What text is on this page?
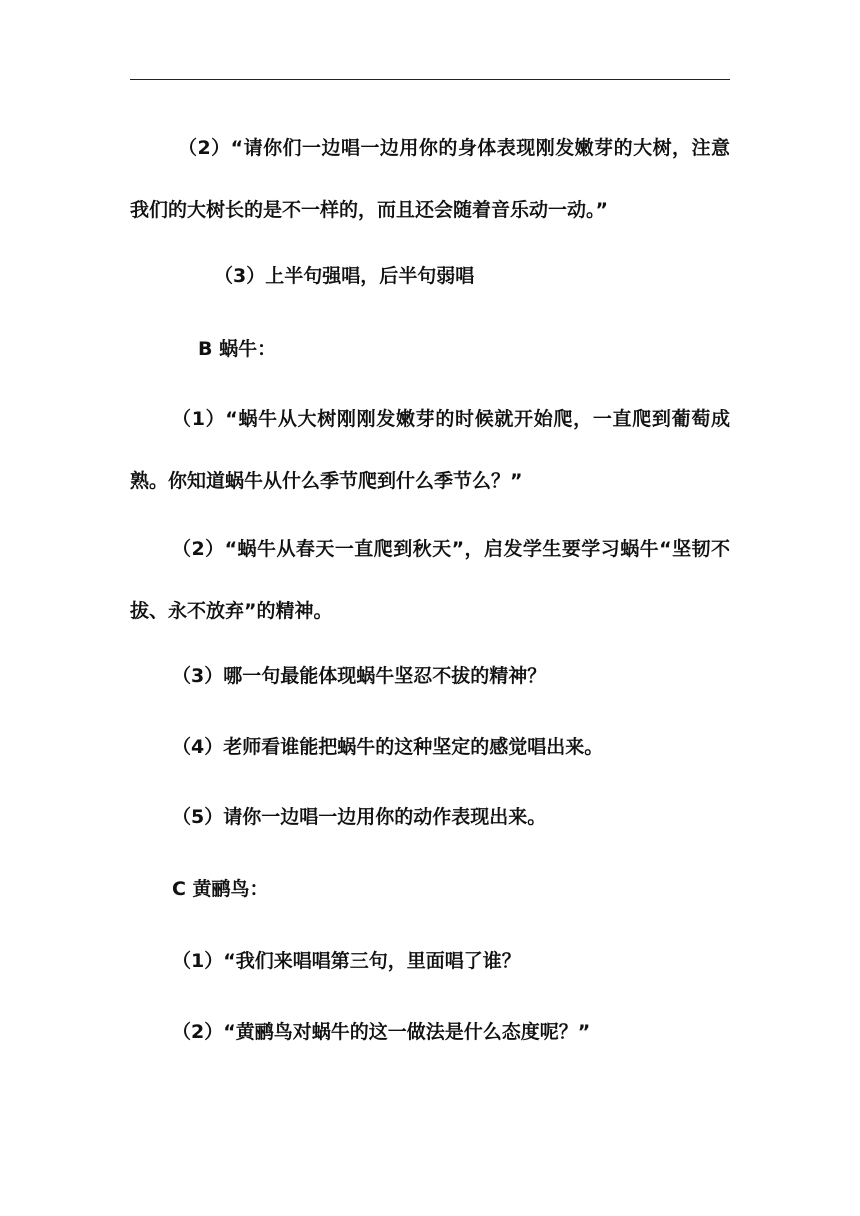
（2）“请你们一边唱一边用你的身体表现刚发嫩芽的大树，注意我们的大树长的是不一样的，而且还会随着音乐动一动。”
（3）上半句强唱，后半句弱唱
B 蜗牛：
（1）“蜗牛从大树刚刚发嫩芽的时候就开始爬，一直爬到葡萄成熟。你知道蜗牛从什么季节爬到什么季节么？”
（2）“蜗牛从春天一直爬到秋天”，启发学生要学习蜗牛“坚韧不拔、永不放弃”的精神。
（3）哪一句最能体现蜗牛坚忍不拔的精神？
（4）老师看谁能把蜗牛的这种坚定的感觉唱出来。
（5）请你一边唱一边用你的动作表现出来。
C 黄鹂鸟：
（1）“我们来唱唱第三句，里面唱了谁？
（2）“黄鹂鸟对蜗牛的这一做法是什么态度呢？”
